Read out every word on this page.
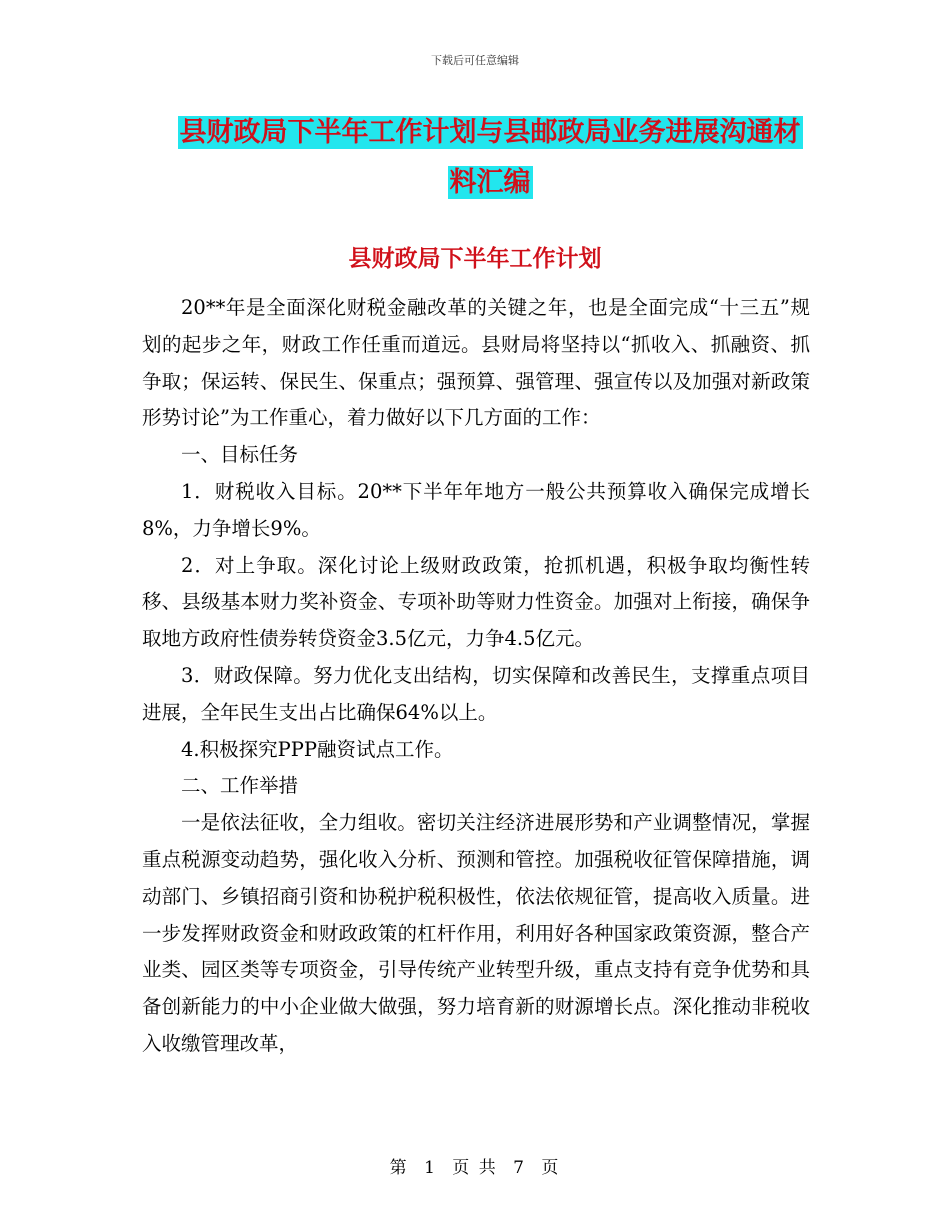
下载后可任意编辑
县财政局下半年工作计划与县邮政局业务进展沟通材
料汇编
县财政局下半年工作计划

20**年是全面深化财税金融改革的关键之年，也是全面完成“十三五”规划的起步之年，财政工作任重而道远。县财局将坚持以“抓收入、抓融资、抓争取；保运转、保民生、保重点；强预算、强管理、强宣传以及加强对新政策形势讨论”为工作重心，着力做好以下几方面的工作：

一、目标任务

1．财税收入目标。20**下半年年地方一般公共预算收入确保完成增长8%，力争增长9%。

2．对上争取。深化讨论上级财政政策，抢抓机遇，积极争取均衡性转移、县级基本财力奖补资金、专项补助等财力性资金。加强对上衔接，确保争取地方政府性债券转贷资金3.5亿元，力争4.5亿元。

3．财政保障。努力优化支出结构，切实保障和改善民生，支撑重点项目进展，全年民生支出占比确保64%以上。

4.积极探究PPP融资试点工作。

二、工作举措

一是依法征收，全力组收。密切关注经济进展形势和产业调整情况，掌握重点税源变动趋势，强化收入分析、预测和管控。加强税收征管保障措施，调动部门、乡镇招商引资和协税护税积极性，依法依规征管，提高收入质量。进一步发挥财政资金和财政政策的杠杆作用，利用好各种国家政策资源，整合产业类、园区类等专项资金，引导传统产业转型升级，重点支持有竞争优势和具备创新能力的中小企业做大做强，努力培育新的财源增长点。深化推动非税收入收缴管理改革，

第 1 页 共 7 页
